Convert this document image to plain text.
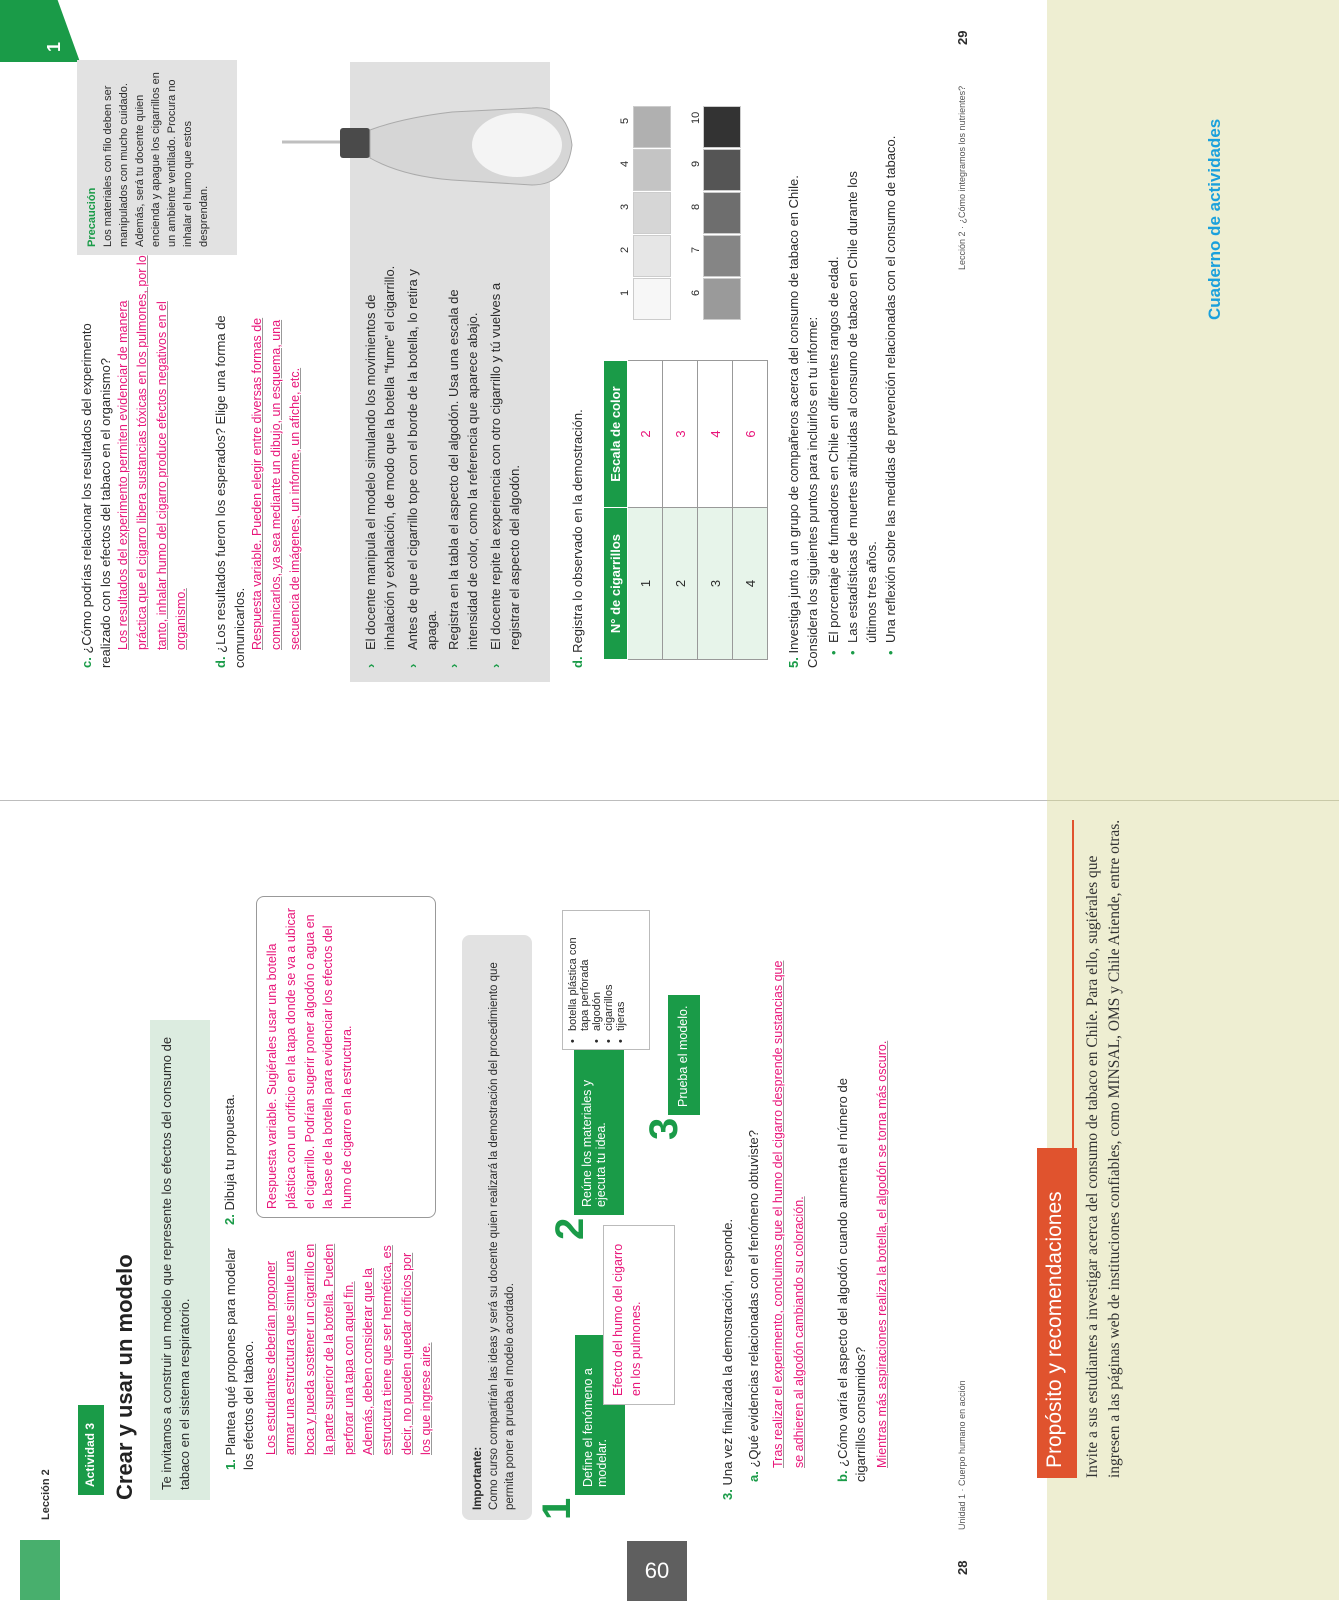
Lección 2
Actividad 3 Crear y usar un modelo	Te invitamos a construir un modelo que represente los efectos del consumo de tabaco en el sistema respiratorio.	1. Plantea qué propones para modelar los efectos del tabaco. Los estudiantes deberían proponer armar una estructura que simule una boca y pueda sostener un cigarrillo en la parte superior de la botella. Pueden perforar una tapa con aquel fin. Además, deben considerar que la estructura tiene que ser hermética, es decir, no pueden quedar orificios por los que ingrese aire.
2. Dibuja tu propuesta.	Respuesta variable. Sugiérales usar una botella plástica con un orificio en la tapa donde se va a ubicar el cigarrillo. Podrían sugerir poner algodón o agua en la base de la botella para evidenciar los efectos del humo de cigarro en la estructura.
Importante: Como curso compartirán las ideas y será su docente quien realizará la demostración del procedimiento que permita poner a prueba el modelo acordado. 1
Define el fenómeno a modelar.
Efecto del humo del cigarro en los pulmones.
2
Reúne los materiales y ejecuta tu idea.
• botella plástica con tapa perforada • algodón • cigarrillos • tijeras
3
Prueba el modelo.
3. Una vez finalizada la demostración, responde. a. ¿Qué evidencias relacionadas con el fenómeno obtuviste? Tras realizar el experimento, concluimos que el humo del cigarro desprende sustancias que se adhieren al algodón cambiando su coloración.
b. ¿Cómo varía el aspecto del algodón cuando aumenta el número de cigarrillos consumidos? Mientras más aspiraciones realiza la botella, el algodón se torna más oscuro.
28
Unidad 1 · Cuerpo humano en acción
60
1
c. ¿Cómo podrías relacionar los resultados del experimento realizado con los efectos del tabaco en el organismo? Los resultados del experimento permiten evidenciar de manera práctica que el cigarro libera sustancias tóxicas en los pulmones, por lo tanto, inhalar humo del cigarro produce efectos negativos en el organismo.
Precaución Los materiales con filo deben ser manipulados con mucho cuidado. Además, será tu docente quien encienda y apague los cigarrillos en un ambiente ventilado. Procura no inhalar el humo que estos desprendan.
d. ¿Los resultados fueron los esperados? Elige una forma de comunicarlos. Respuesta variable. Pueden elegir entre diversas formas de comunicarlos, ya sea mediante un dibujo, un esquema, una secuencia de imágenes, un informe, un afiche, etc.	› El docente manipula el modelo simulando los movimientos de inhalación y exhalación, de modo que la botella "fume" el cigarrillo. › Antes de que el cigarrillo tope con el borde de la botella, lo retira y apaga. › Registra en la tabla el aspecto del algodón. Usa una escala de intensidad de color, como la referencia que aparece abajo. › El docente repite la experiencia con otro cigarrillo y tú vuelves a registrar el aspecto del algodón.
d. Registra lo observado en la demostración. N° de cigarrillos	Escala de color
1	2
2	3
3	4
4	6
1
2
3
4
5
6
7
8
9
10
5. Investiga junto a un grupo de compañeros acerca del consumo de tabaco en Chile. Considera los siguientes puntos para incluirlos en tu informe: • El porcentaje de fumadores en Chile en diferentes rangos de edad. • Las estadísticas de muertes atribuidas al consumo de tabaco en Chile durante los últimos tres años. • Una reflexión sobre las medidas de prevención relacionadas con el consumo de tabaco.
29
Lección 2 · ¿Cómo integramos los nutrientes?	Cuaderno de actividades
Propósito y recomendaciones	Invite a sus estudiantes a investigar acerca del consumo de tabaco en Chile. Para ello, sugiérales que ingresen a las páginas web de instituciones confiables, como MINSAL, OMS y Chile Atiende, entre otras.
